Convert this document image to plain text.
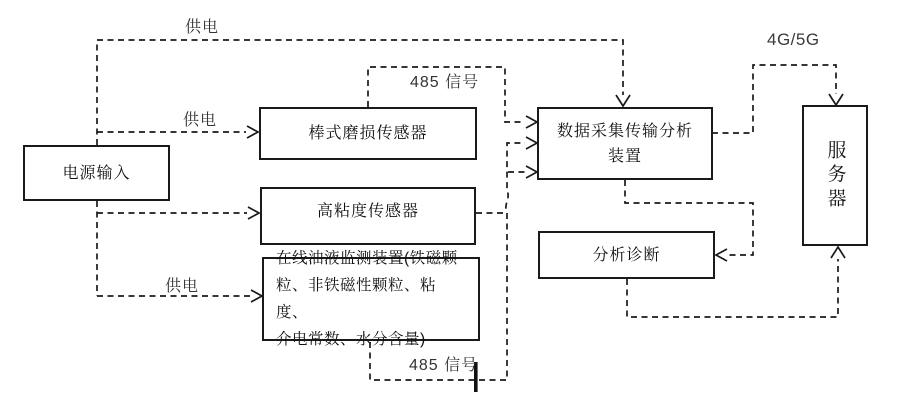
电源输入
棒式磨损传感器
高粘度传感器
在线油液监测装置(铁磁颗
粒、非铁磁性颗粒、粘度、
介电常数、水分含量)
数据采集传输分析
装置
分析诊断
服务器
供电
供电
供电
485 信号
485 信号
4G/5G
